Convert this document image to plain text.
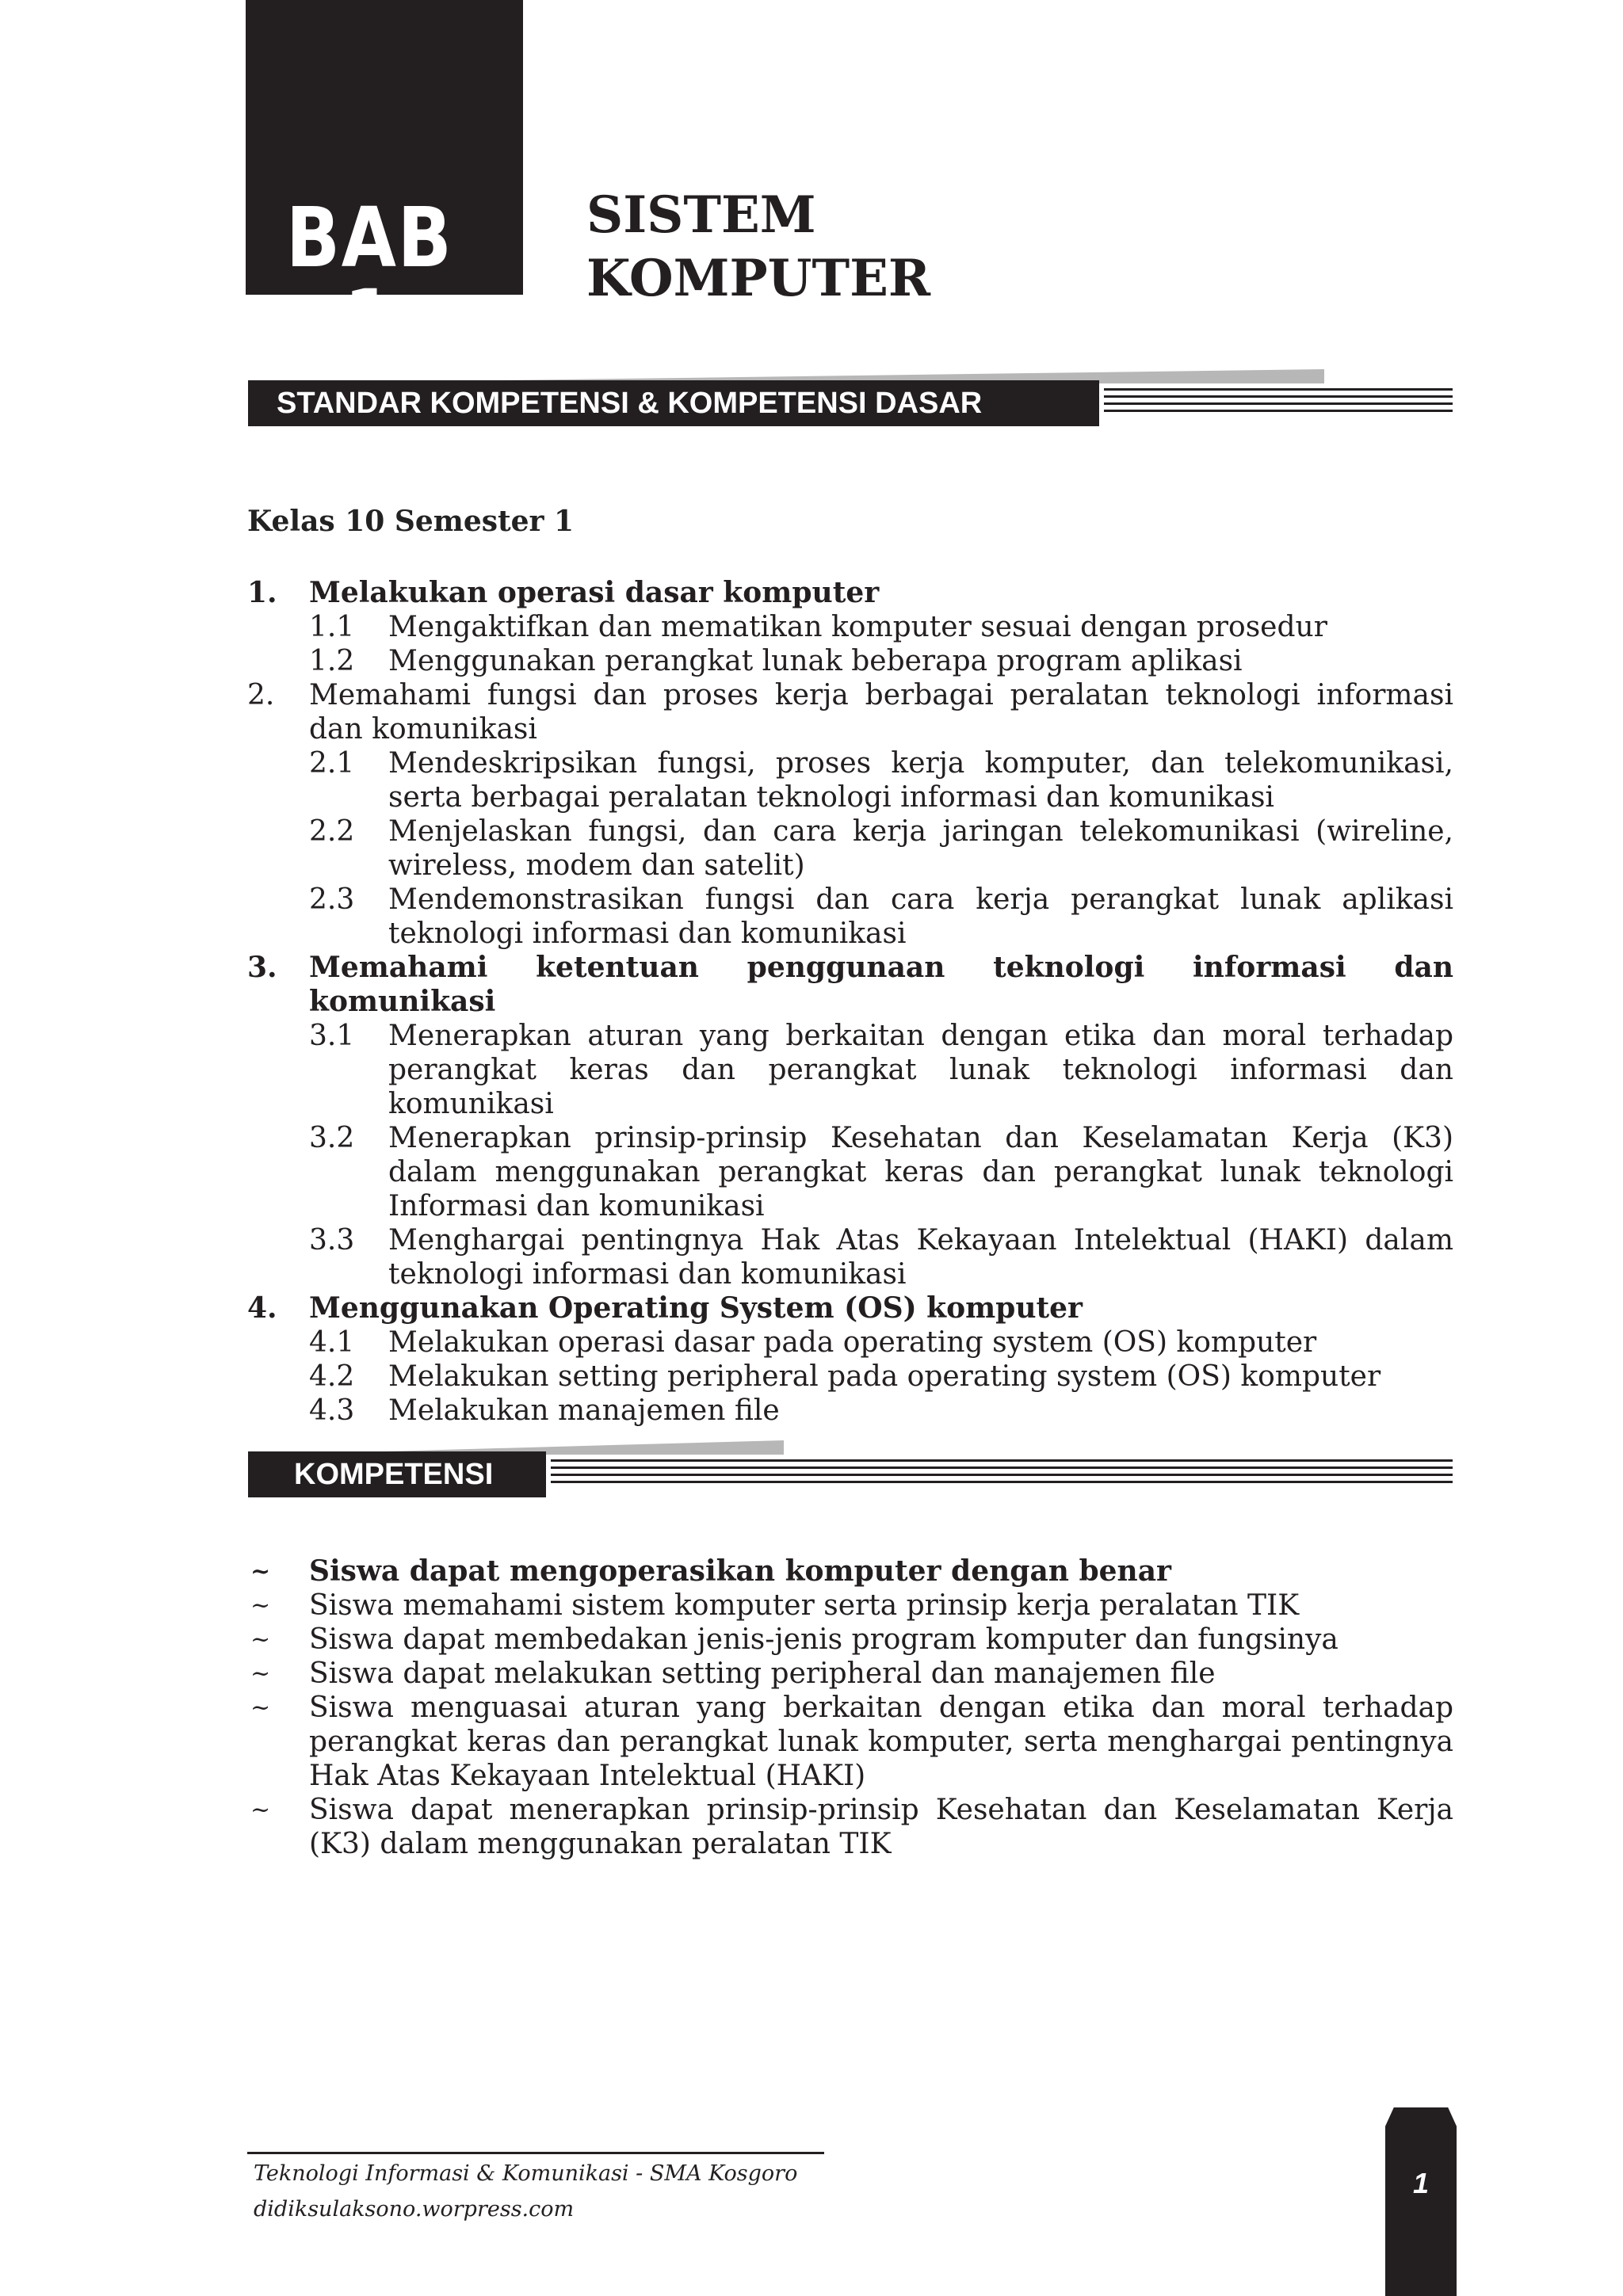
BAB 1
SISTEM
KOMPUTER
STANDAR KOMPETENSI & KOMPETENSI DASAR
Kelas 10 Semester 1
1. Melakukan operasi dasar komputer
1.1 Mengaktifkan dan mematikan komputer sesuai dengan prosedur
1.2 Menggunakan perangkat lunak beberapa program aplikasi
2. Memahami fungsi dan proses kerja berbagai peralatan teknologi informasi dan komunikasi
2.1 Mendeskripsikan fungsi, proses kerja komputer, dan telekomunikasi, serta berbagai peralatan teknologi informasi dan komunikasi
2.2 Menjelaskan fungsi, dan cara kerja jaringan telekomunikasi (wireline, wireless, modem dan satelit)
2.3 Mendemonstrasikan fungsi dan cara kerja perangkat lunak aplikasi teknologi informasi dan komunikasi
3. Memahami ketentuan penggunaan teknologi informasi dan komunikasi
3.1 Menerapkan aturan yang berkaitan dengan etika dan moral terhadap perangkat keras dan perangkat lunak teknologi informasi dan komunikasi
3.2 Menerapkan prinsip-prinsip Kesehatan dan Keselamatan Kerja (K3) dalam menggunakan perangkat keras dan perangkat lunak teknologi Informasi dan komunikasi
3.3 Menghargai pentingnya Hak Atas Kekayaan Intelektual (HAKI) dalam teknologi informasi dan komunikasi
4. Menggunakan Operating System (OS) komputer
4.1 Melakukan operasi dasar pada operating system (OS) komputer
4.2 Melakukan setting peripheral pada operating system (OS) komputer
4.3 Melakukan manajemen file
KOMPETENSI
~ Siswa dapat mengoperasikan komputer dengan benar
~ Siswa memahami sistem komputer serta prinsip kerja peralatan TIK
~ Siswa dapat membedakan jenis-jenis program komputer dan fungsinya
~ Siswa dapat melakukan setting peripheral dan manajemen file
~ Siswa menguasai aturan yang berkaitan dengan etika dan moral terhadap perangkat keras dan perangkat lunak komputer, serta menghargai pentingnya Hak Atas Kekayaan Intelektual (HAKI)
~ Siswa dapat menerapkan prinsip-prinsip Kesehatan dan Keselamatan Kerja (K3) dalam menggunakan peralatan TIK
Teknologi Informasi & Komunikasi - SMA Kosgoro
didiksulaksono.worpress.com
1
